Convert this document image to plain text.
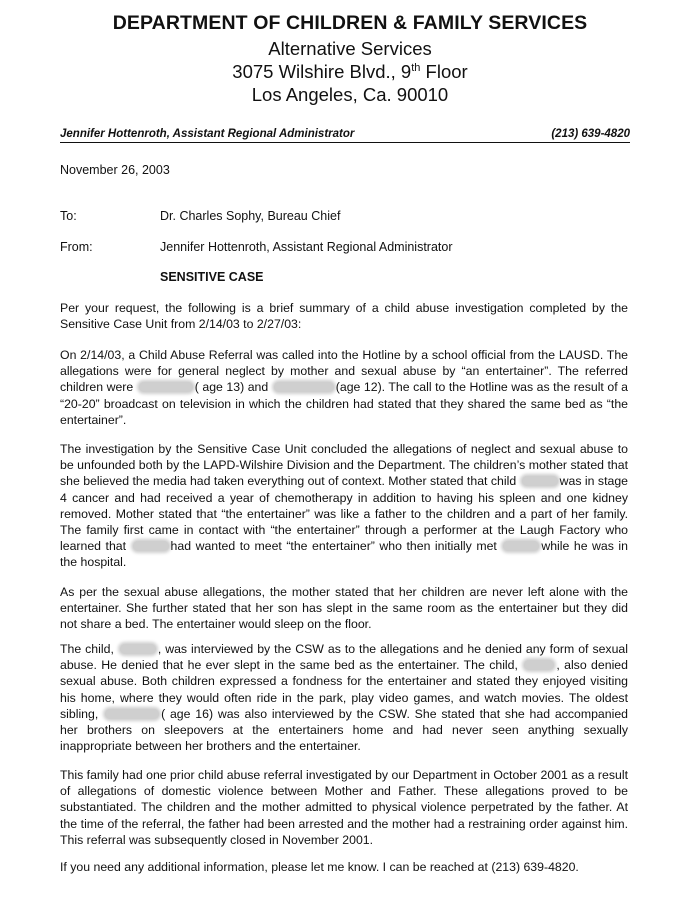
DEPARTMENT OF CHILDREN & FAMILY SERVICES
Alternative Services
3075 Wilshire Blvd., 9th Floor
Los Angeles, Ca. 90010
Jennifer Hottenroth, Assistant Regional Administrator	(213) 639-4820
November 26, 2003
To:	Dr. Charles Sophy, Bureau Chief
From:	Jennifer Hottenroth, Assistant Regional Administrator
SENSITIVE CASE

Per your request, the following is a brief summary of a child abuse investigation completed by the Sensitive Case Unit from 2/14/03 to 2/27/03:

On 2/14/03, a Child Abuse Referral was called into the Hotline by a school official from the LAUSD. The allegations were for general neglect by mother and sexual abuse by “an entertainer”. The referred children were	( age 13) and	(age 12). The call to the Hotline was as the result of a “20-20” broadcast on television in which the children had stated that they shared the same bed as “the entertainer”.

The investigation by the Sensitive Case Unit concluded the allegations of neglect and sexual abuse to be unfounded both by the LAPD-Wilshire Division and the Department. The children’s mother stated that she believed the media had taken everything out of context. Mother stated that child	was in stage 4 cancer and had received a year of chemotherapy in addition to having his spleen and one kidney removed. Mother stated that “the entertainer” was like a father to the children and a part of her family. The family first came in contact with “the entertainer” through a performer at the Laugh Factory who learned that	had wanted to meet “the entertainer” who then initially met	while he was in the hospital.

As per the sexual abuse allegations, the mother stated that her children are never left alone with the entertainer. She further stated that her son has slept in the same room as the entertainer but they did not share a bed. The entertainer would sleep on the floor.

The child,	, was interviewed by the CSW as to the allegations and he denied any form of sexual abuse. He denied that he ever slept in the same bed as the entertainer. The child,	, also denied sexual abuse. Both children expressed a fondness for the entertainer and stated they enjoyed visiting his home, where they would often ride in the park, play video games, and watch movies. The oldest sibling,	( age 16) was also interviewed by the CSW. She stated that she had accompanied her brothers on sleepovers at the entertainers home and had never seen anything sexually inappropriate between her brothers and the entertainer.

This family had one prior child abuse referral investigated by our Department in October 2001 as a result of allegations of domestic violence between Mother and Father. These allegations proved to be substantiated. The children and the mother admitted to physical violence perpetrated by the father. At the time of the referral, the father had been arrested and the mother had a restraining order against him. This referral was subsequently closed in November 2001.

If you need any additional information, please let me know. I can be reached at (213) 639-4820.
